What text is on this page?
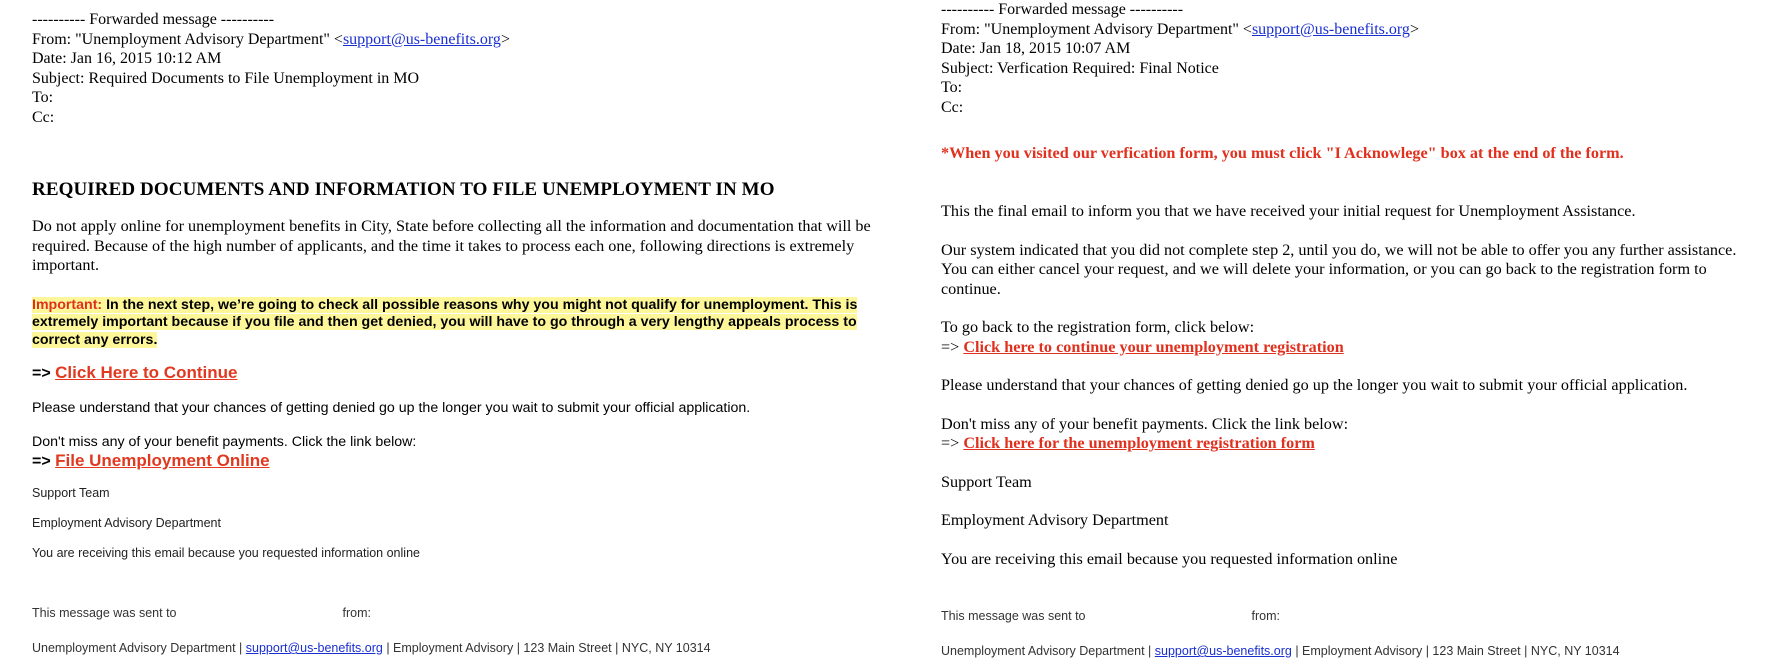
---------- Forwarded message ----------

From: "Unemployment Advisory Department" <support@us-benefits.org>

Date: Jan 16, 2015 10:12 AM

Subject: Required Documents to File Unemployment in MO

To:

Cc:

REQUIRED DOCUMENTS AND INFORMATION TO FILE UNEMPLOYMENT IN MO

Do not apply online for unemployment benefits in City, State before collecting all the information and documentation that will be required. Because of the high number of applicants, and the time it takes to process each one, following directions is extremely important.

Important: In the next step, we’re going to check all possible reasons why you might not qualify for unemployment. This is extremely important because if you file and then get denied, you will have to go through a very lengthy appeals process to correct any errors.

=> Click Here to Continue

Please understand that your chances of getting denied go up the longer you wait to submit your official application.

Don't miss any of your benefit payments. Click the link below:

=> File Unemployment Online

Support Team

Employment Advisory Department

You are receiving this email because you requested information online

This message was sent to	from:

Unemployment Advisory Department | support@us-benefits.org | Employment Advisory | 123 Main Street | NYC, NY 10314

---------- Forwarded message ----------

From: "Unemployment Advisory Department" <support@us-benefits.org>

Date: Jan 18, 2015 10:07 AM

Subject: Verfication Required: Final Notice

To:

Cc:

*When you visited our verfication form, you must click "I Acknowlege" box at the end of the form.

This the final email to inform you that we have received your initial request for Unemployment Assistance.

Our system indicated that you did not complete step 2, until you do, we will not be able to offer you any further assistance. You can either cancel your request, and we will delete your information, or you can go back to the registration form to continue.

To go back to the registration form, click below:

=> Click here to continue your unemployment registration

Please understand that your chances of getting denied go up the longer you wait to submit your official application.

Don't miss any of your benefit payments. Click the link below:

=> Click here for the unemployment registration form

Support Team

Employment Advisory Department

You are receiving this email because you requested information online

This message was sent to	from:

Unemployment Advisory Department | support@us-benefits.org | Employment Advisory | 123 Main Street | NYC, NY 10314
